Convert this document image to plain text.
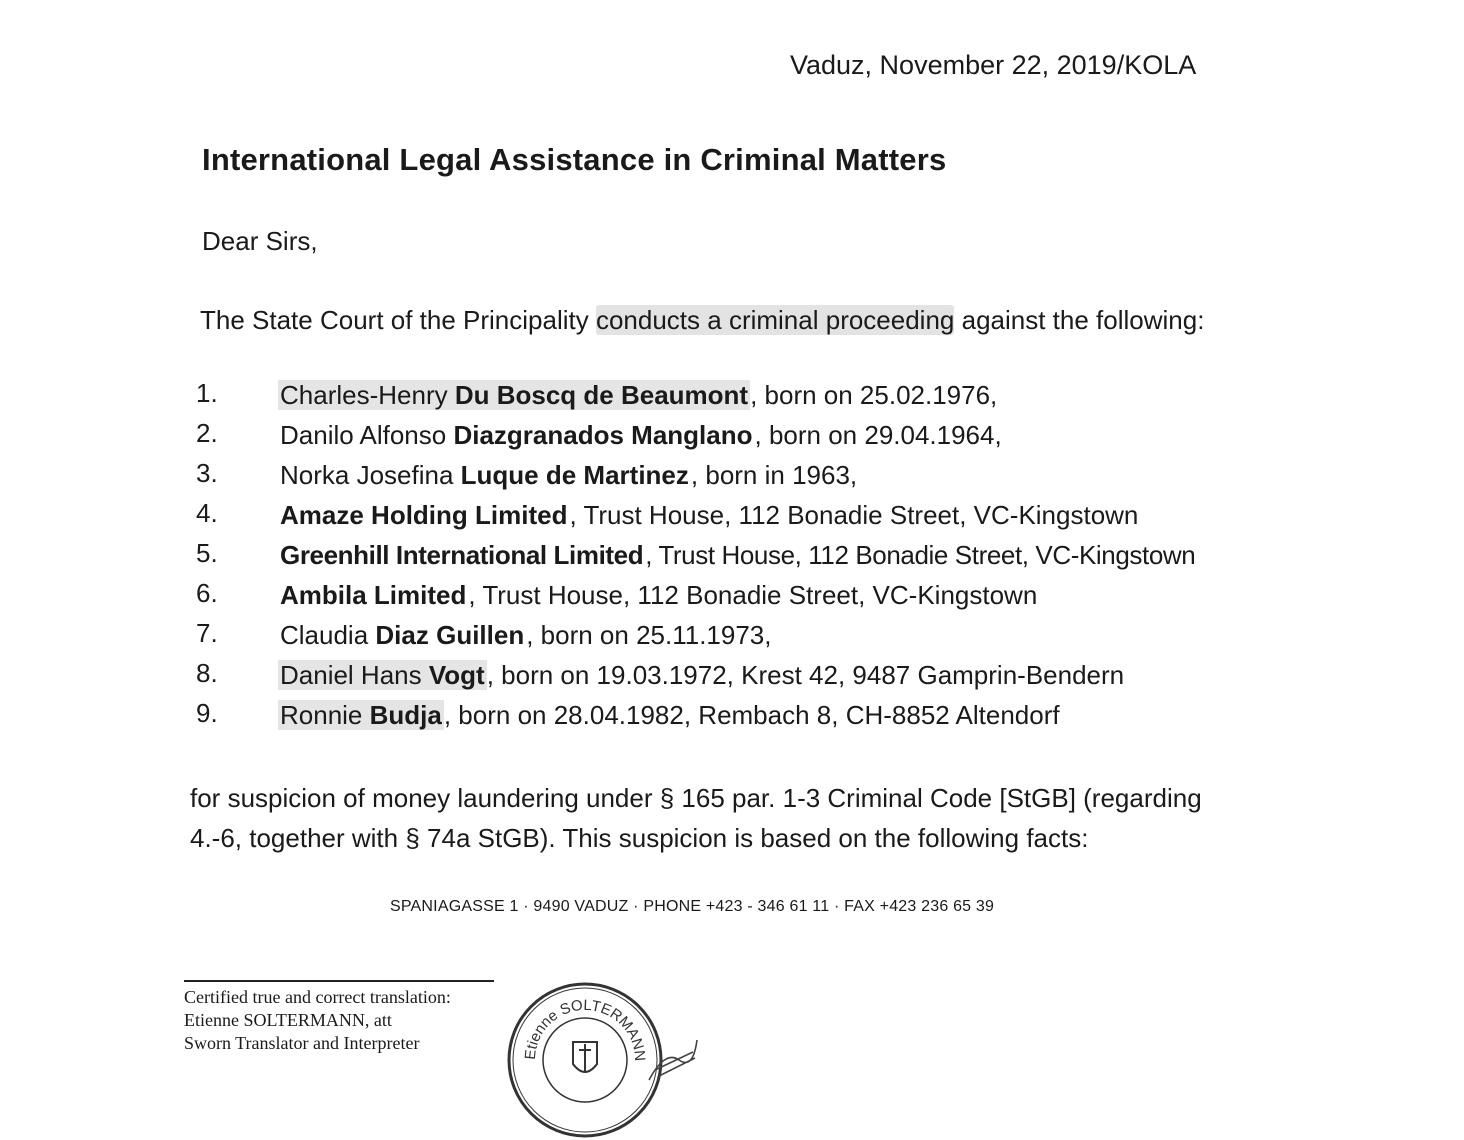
Vaduz, November 22, 2019/KOLA
International Legal Assistance in Criminal Matters
Dear Sirs,
The State Court of the Principality conducts a criminal proceeding against the following:
1. Charles-Henry Du Boscq de Beaumont, born on 25.02.1976,
2. Danilo Alfonso Diazgranados Manglano, born on 29.04.1964,
3. Norka Josefina Luque de Martinez, born in 1963,
4. Amaze Holding Limited, Trust House, 112 Bonadie Street, VC-Kingstown
5. Greenhill International Limited, Trust House, 112 Bonadie Street, VC-Kingstown
6. Ambila Limited, Trust House, 112 Bonadie Street, VC-Kingstown
7. Claudia Diaz Guillen, born on 25.11.1973,
8. Daniel Hans Vogt, born on 19.03.1972, Krest 42, 9487 Gamprin-Bendern
9. Ronnie Budja, born on 28.04.1982, Rembach 8, CH-8852 Altendorf
for suspicion of money laundering under § 165 par. 1-3 Criminal Code [StGB] (regarding
4.-6, together with § 74a StGB). This suspicion is based on the following facts:
SPANIAGASSE 1 · 9490 VADUZ · PHONE +423 - 346 61 11 · FAX +423 236 65 39
Certified true and correct translation:
Etienne SOLTERMANN, att
Sworn Translator and Interpreter
Etienne SOLTERMANN
